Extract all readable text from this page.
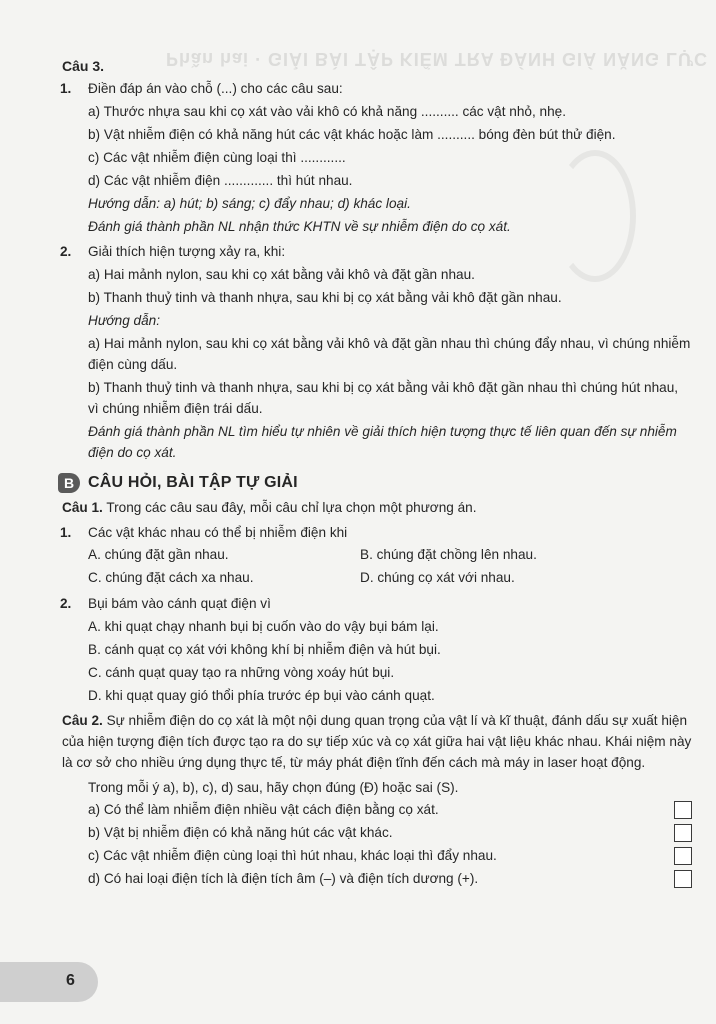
Phần hai · GIẢI BÀI TẬP KIỂM TRA ĐÁNH GIÁ NĂNG LỰC

Câu 3.

1. Điền đáp án vào chỗ (...) cho các câu sau:
a) Thước nhựa sau khi cọ xát vào vải khô có khả năng .......... các vật nhỏ, nhẹ.
b) Vật nhiễm điện có khả năng hút các vật khác hoặc làm .......... bóng đèn bút thử điện.
c) Các vật nhiễm điện cùng loại thì ............
d) Các vật nhiễm điện ............. thì hút nhau.
Hướng dẫn: a) hút; b) sáng; c) đẩy nhau; d) khác loại.
Đánh giá thành phần NL nhận thức KHTN về sự nhiễm điện do cọ xát.
2. Giải thích hiện tượng xảy ra, khi:
a) Hai mảnh nylon, sau khi cọ xát bằng vải khô và đặt gần nhau.
b) Thanh thuỷ tinh và thanh nhựa, sau khi bị cọ xát bằng vải khô đặt gần nhau.
Hướng dẫn:
a) Hai mảnh nylon, sau khi cọ xát bằng vải khô và đặt gần nhau thì chúng đẩy nhau, vì chúng nhiễm điện cùng dấu.
b) Thanh thuỷ tinh và thanh nhựa, sau khi bị cọ xát bằng vải khô đặt gần nhau thì chúng hút nhau, vì chúng nhiễm điện trái dấu.
Đánh giá thành phần NL tìm hiểu tự nhiên về giải thích hiện tượng thực tế liên quan đến sự nhiễm điện do cọ xát.
B CÂU HỎI, BÀI TẬP TỰ GIẢI
Câu 1. Trong các câu sau đây, mỗi câu chỉ lựa chọn một phương án.
1. Các vật khác nhau có thể bị nhiễm điện khi
A. chúng đặt gần nhau.	B. chúng đặt chồng lên nhau.
C. chúng đặt cách xa nhau.	D. chúng cọ xát với nhau.
2. Bụi bám vào cánh quạt điện vì
A. khi quạt chạy nhanh bụi bị cuốn vào do vậy bụi bám lại.
B. cánh quạt cọ xát với không khí bị nhiễm điện và hút bụi.
C. cánh quạt quay tạo ra những vòng xoáy hút bụi.
D. khi quạt quay gió thổi phía trước ép bụi vào cánh quạt.
Câu 2. Sự nhiễm điện do cọ xát là một nội dung quan trọng của vật lí và kĩ thuật, đánh dấu sự xuất hiện của hiện tượng điện tích được tạo ra do sự tiếp xúc và cọ xát giữa hai vật liệu khác nhau. Khái niệm này là cơ sở cho nhiều ứng dụng thực tế, từ máy phát điện tĩnh đến cách mà máy in laser hoạt động.
Trong mỗi ý a), b), c), d) sau, hãy chọn đúng (Đ) hoặc sai (S).
a) Có thể làm nhiễm điện nhiều vật cách điện bằng cọ xát.
b) Vật bị nhiễm điện có khả năng hút các vật khác.
c) Các vật nhiễm điện cùng loại thì hút nhau, khác loại thì đẩy nhau.
d) Có hai loại điện tích là điện tích âm (–) và điện tích dương (+).
6
